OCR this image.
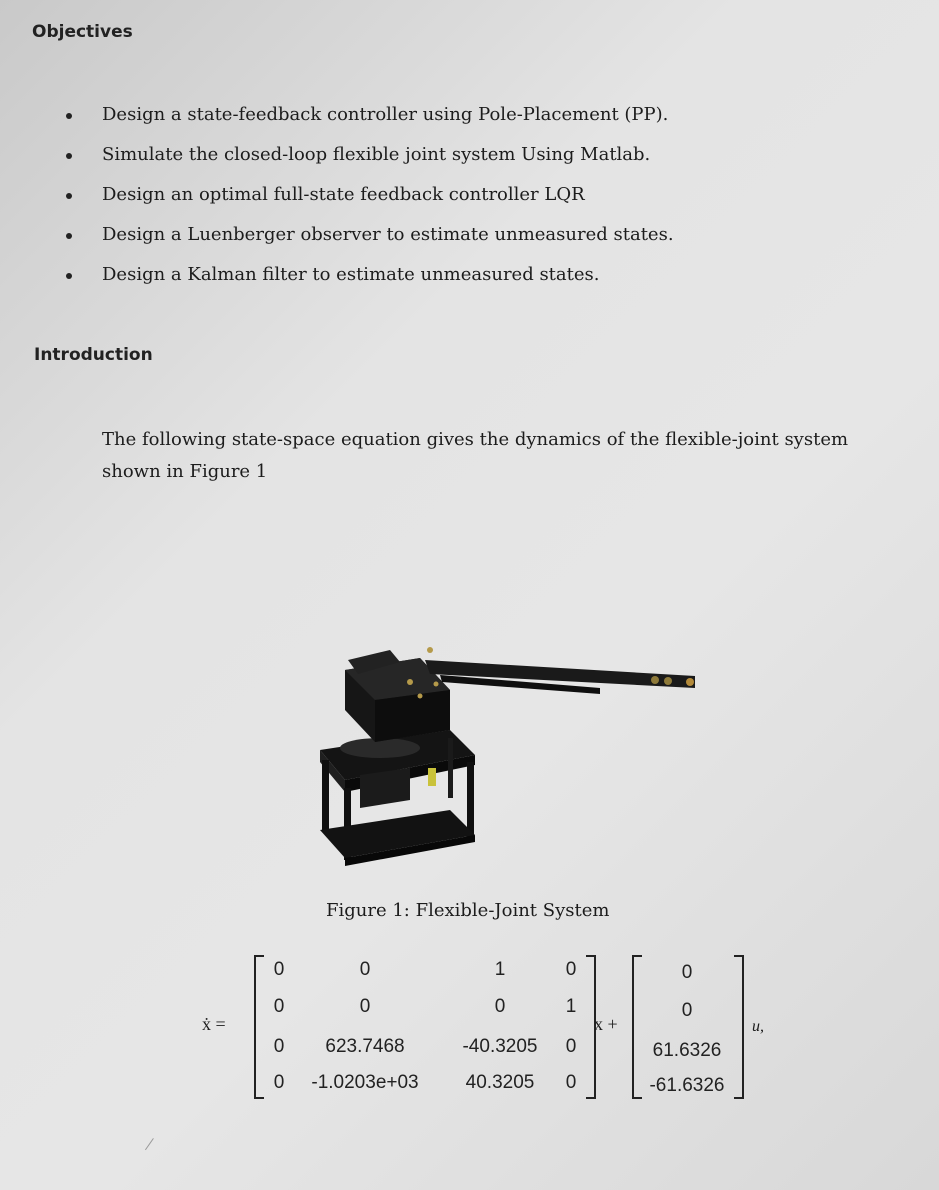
Objectives
Design a state-feedback controller using Pole-Placement (PP).
Simulate the closed-loop flexible joint system Using Matlab.
Design an optimal full-state feedback controller LQR
Design a Luenberger observer to estimate unmeasured states.
Design a Kalman filter to estimate unmeasured states.
Introduction
The following state-space equation gives the dynamics of the flexible-joint system shown in Figure 1
Figure 1: Flexible-Joint System
ẋ =
0	0	1	0
0	0	0	1
0	623.7468	-40.3205	0
0	-1.0203e+03	40.3205	0
x +
0
0
61.6326
-61.6326
u,
